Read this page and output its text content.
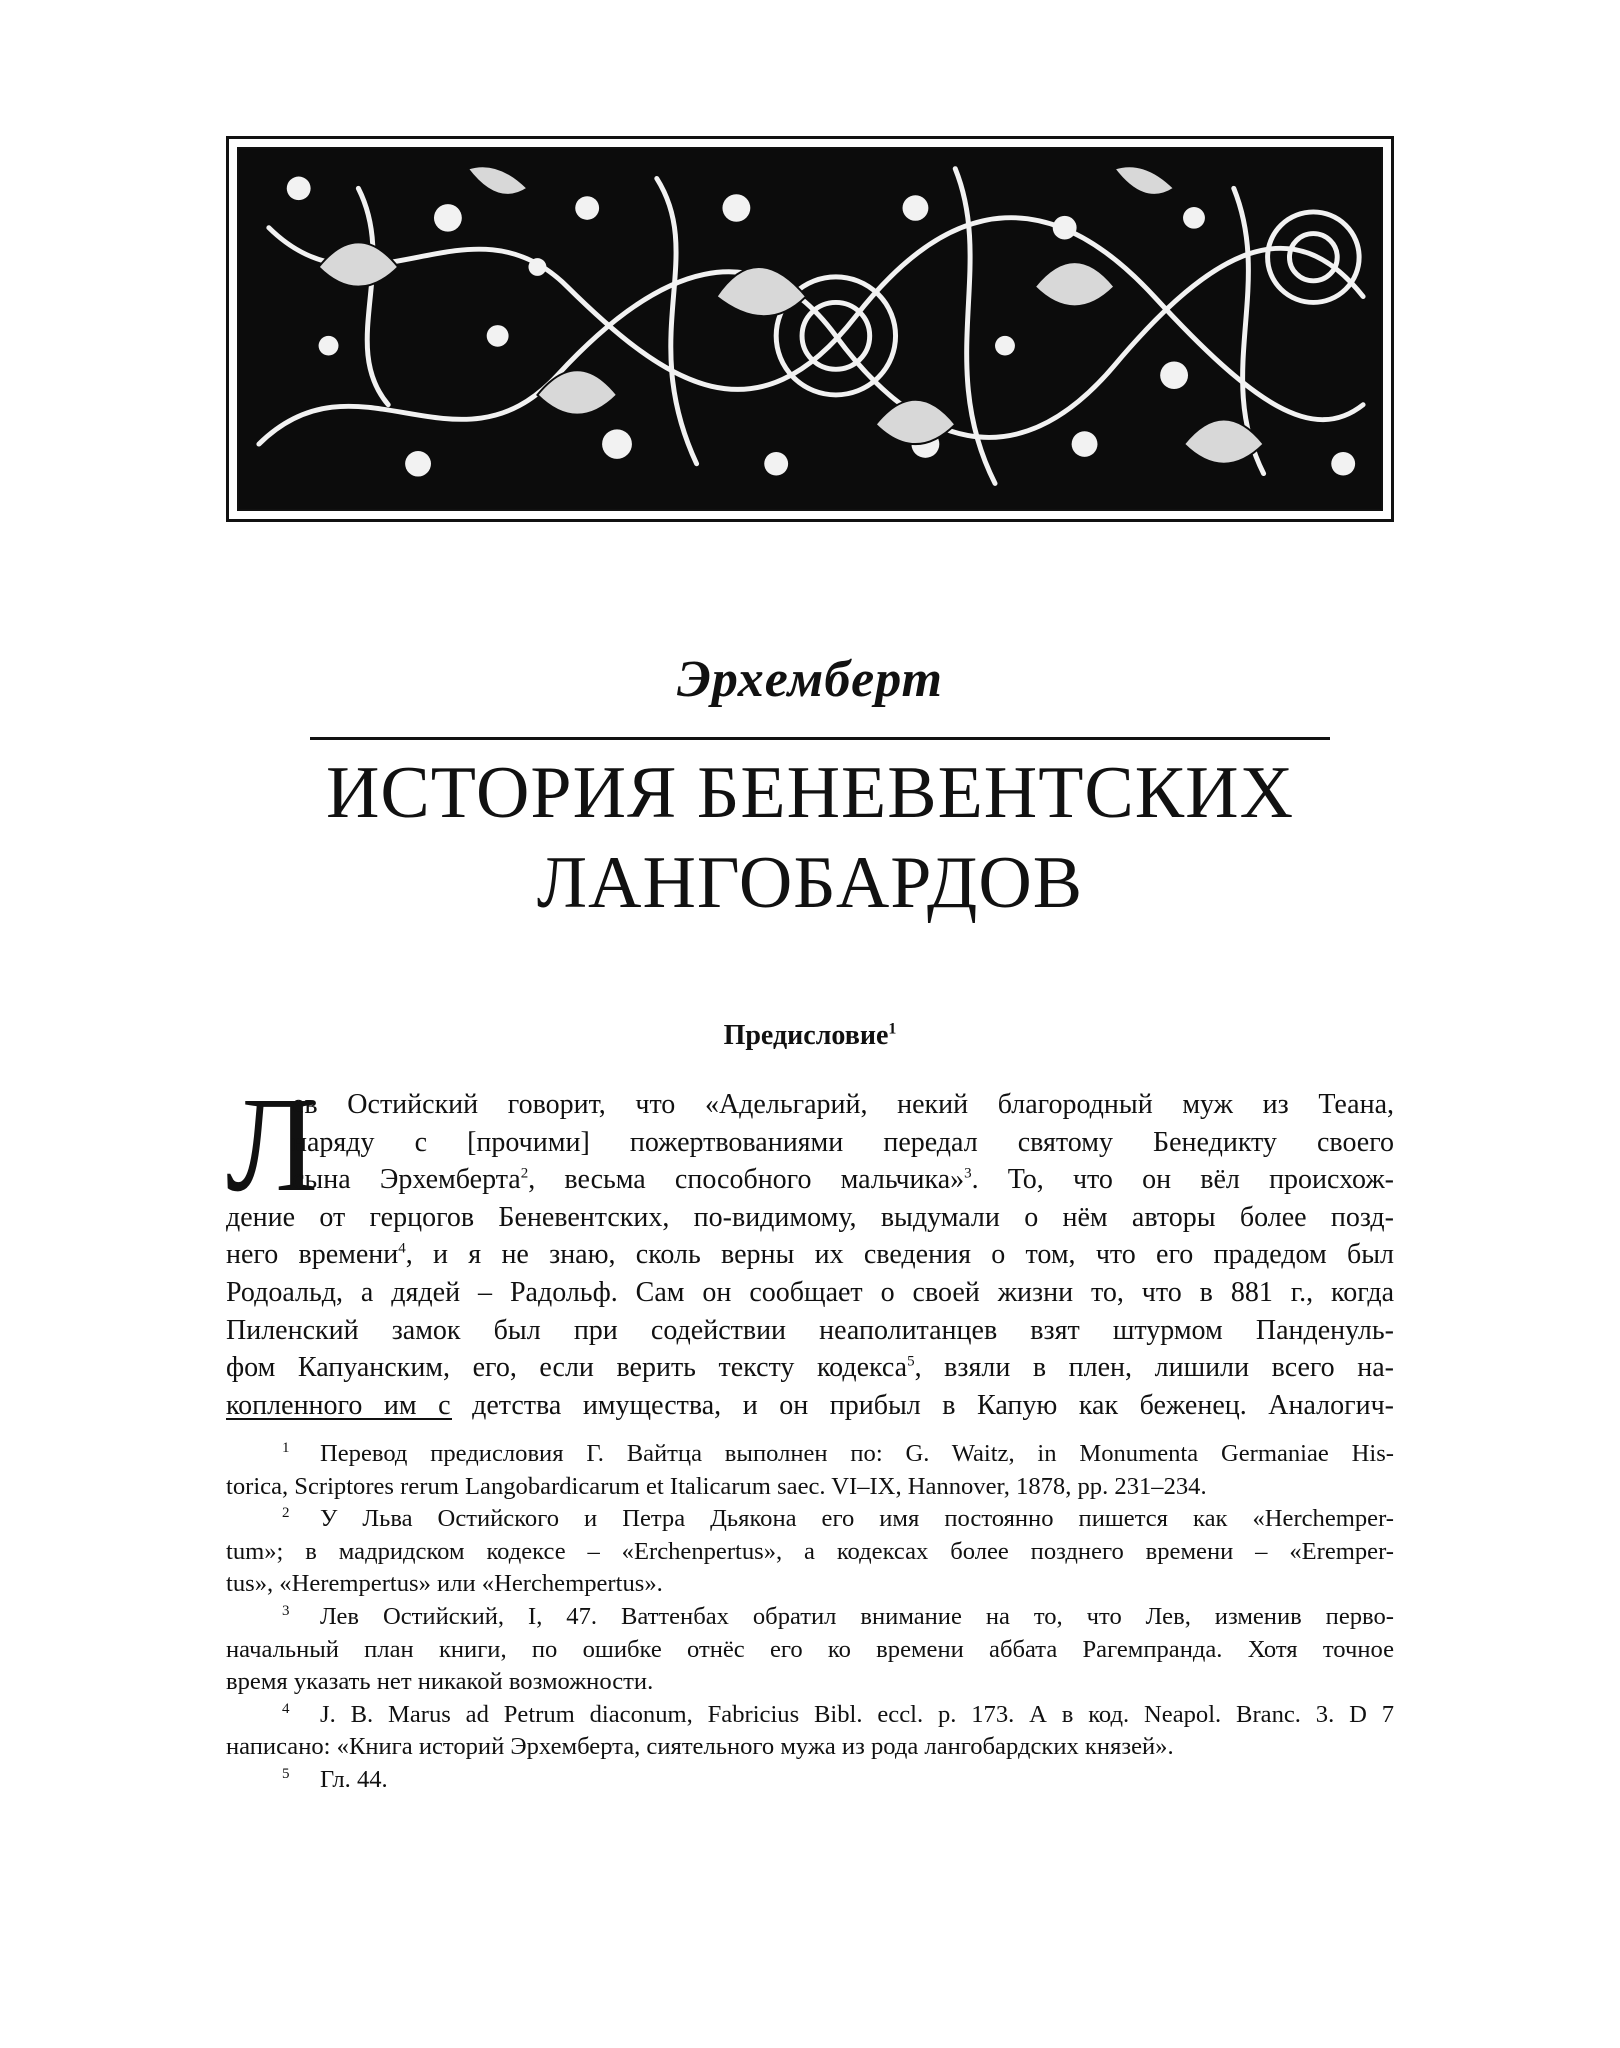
Эрхемберт
ИСТОРИЯ БЕНЕВЕНТСКИХ
ЛАНГОБАРДОВ
Предисловие$^1$
Л
ев Остийский говорит, что «Адельгарий, некий благородный муж из Теана,
наряду с [прочими] пожертвованиями передал святому Бенедикту своего
сына Эрхемберта$^2$, весьма способного мальчика»$^3$. То, что он вёл происхож-
дение от герцогов Беневентских, по-видимому, выдумали о нём авторы более позд-
него времени$^4$, и я не знаю, сколь верны их сведения о том, что его прадедом был
Родоальд, а дядей – Радольф. Сам он сообщает о своей жизни то, что в 881 г., когда
Пиленский замок был при содействии неаполитанцев взят штурмом Панденуль-
фом Капуанским, его, если верить тексту кодекса$^5$, взяли в плен, лишили всего на-
копленного им с детства имущества, и он прибыл в Капую как беженец. Аналогич-
1 Перевод предисловия Г. Вайтца выполнен по: G. Waitz, in Monumenta Germaniae His-
torica, Scriptores rerum Langobardicarum et Italicarum saec. VI–IX, Hannover, 1878, pp. 231–234.
2 У Льва Остийского и Петра Дьякона его имя постоянно пишется как «Herchemper-
tum»; в мадридском кодексе – «Erchenpertus», а кодексах более позднего времени – «Eremper-
tus», «Herempertus» или «Herchempertus».
3 Лев Остийский, I, 47. Ваттенбах обратил внимание на то, что Лев, изменив перво-
начальный план книги, по ошибке отнёс его ко времени аббата Рагемпранда. Хотя точное
время указать нет никакой возможности.
4 J. B. Marus ad Petrum diaconum, Fabricius Bibl. eccl. p. 173. А в код. Neapol. Branc. 3. D 7
написано: «Книга историй Эрхемберта, сиятельного мужа из рода лангобардских князей».
5 Гл. 44.
